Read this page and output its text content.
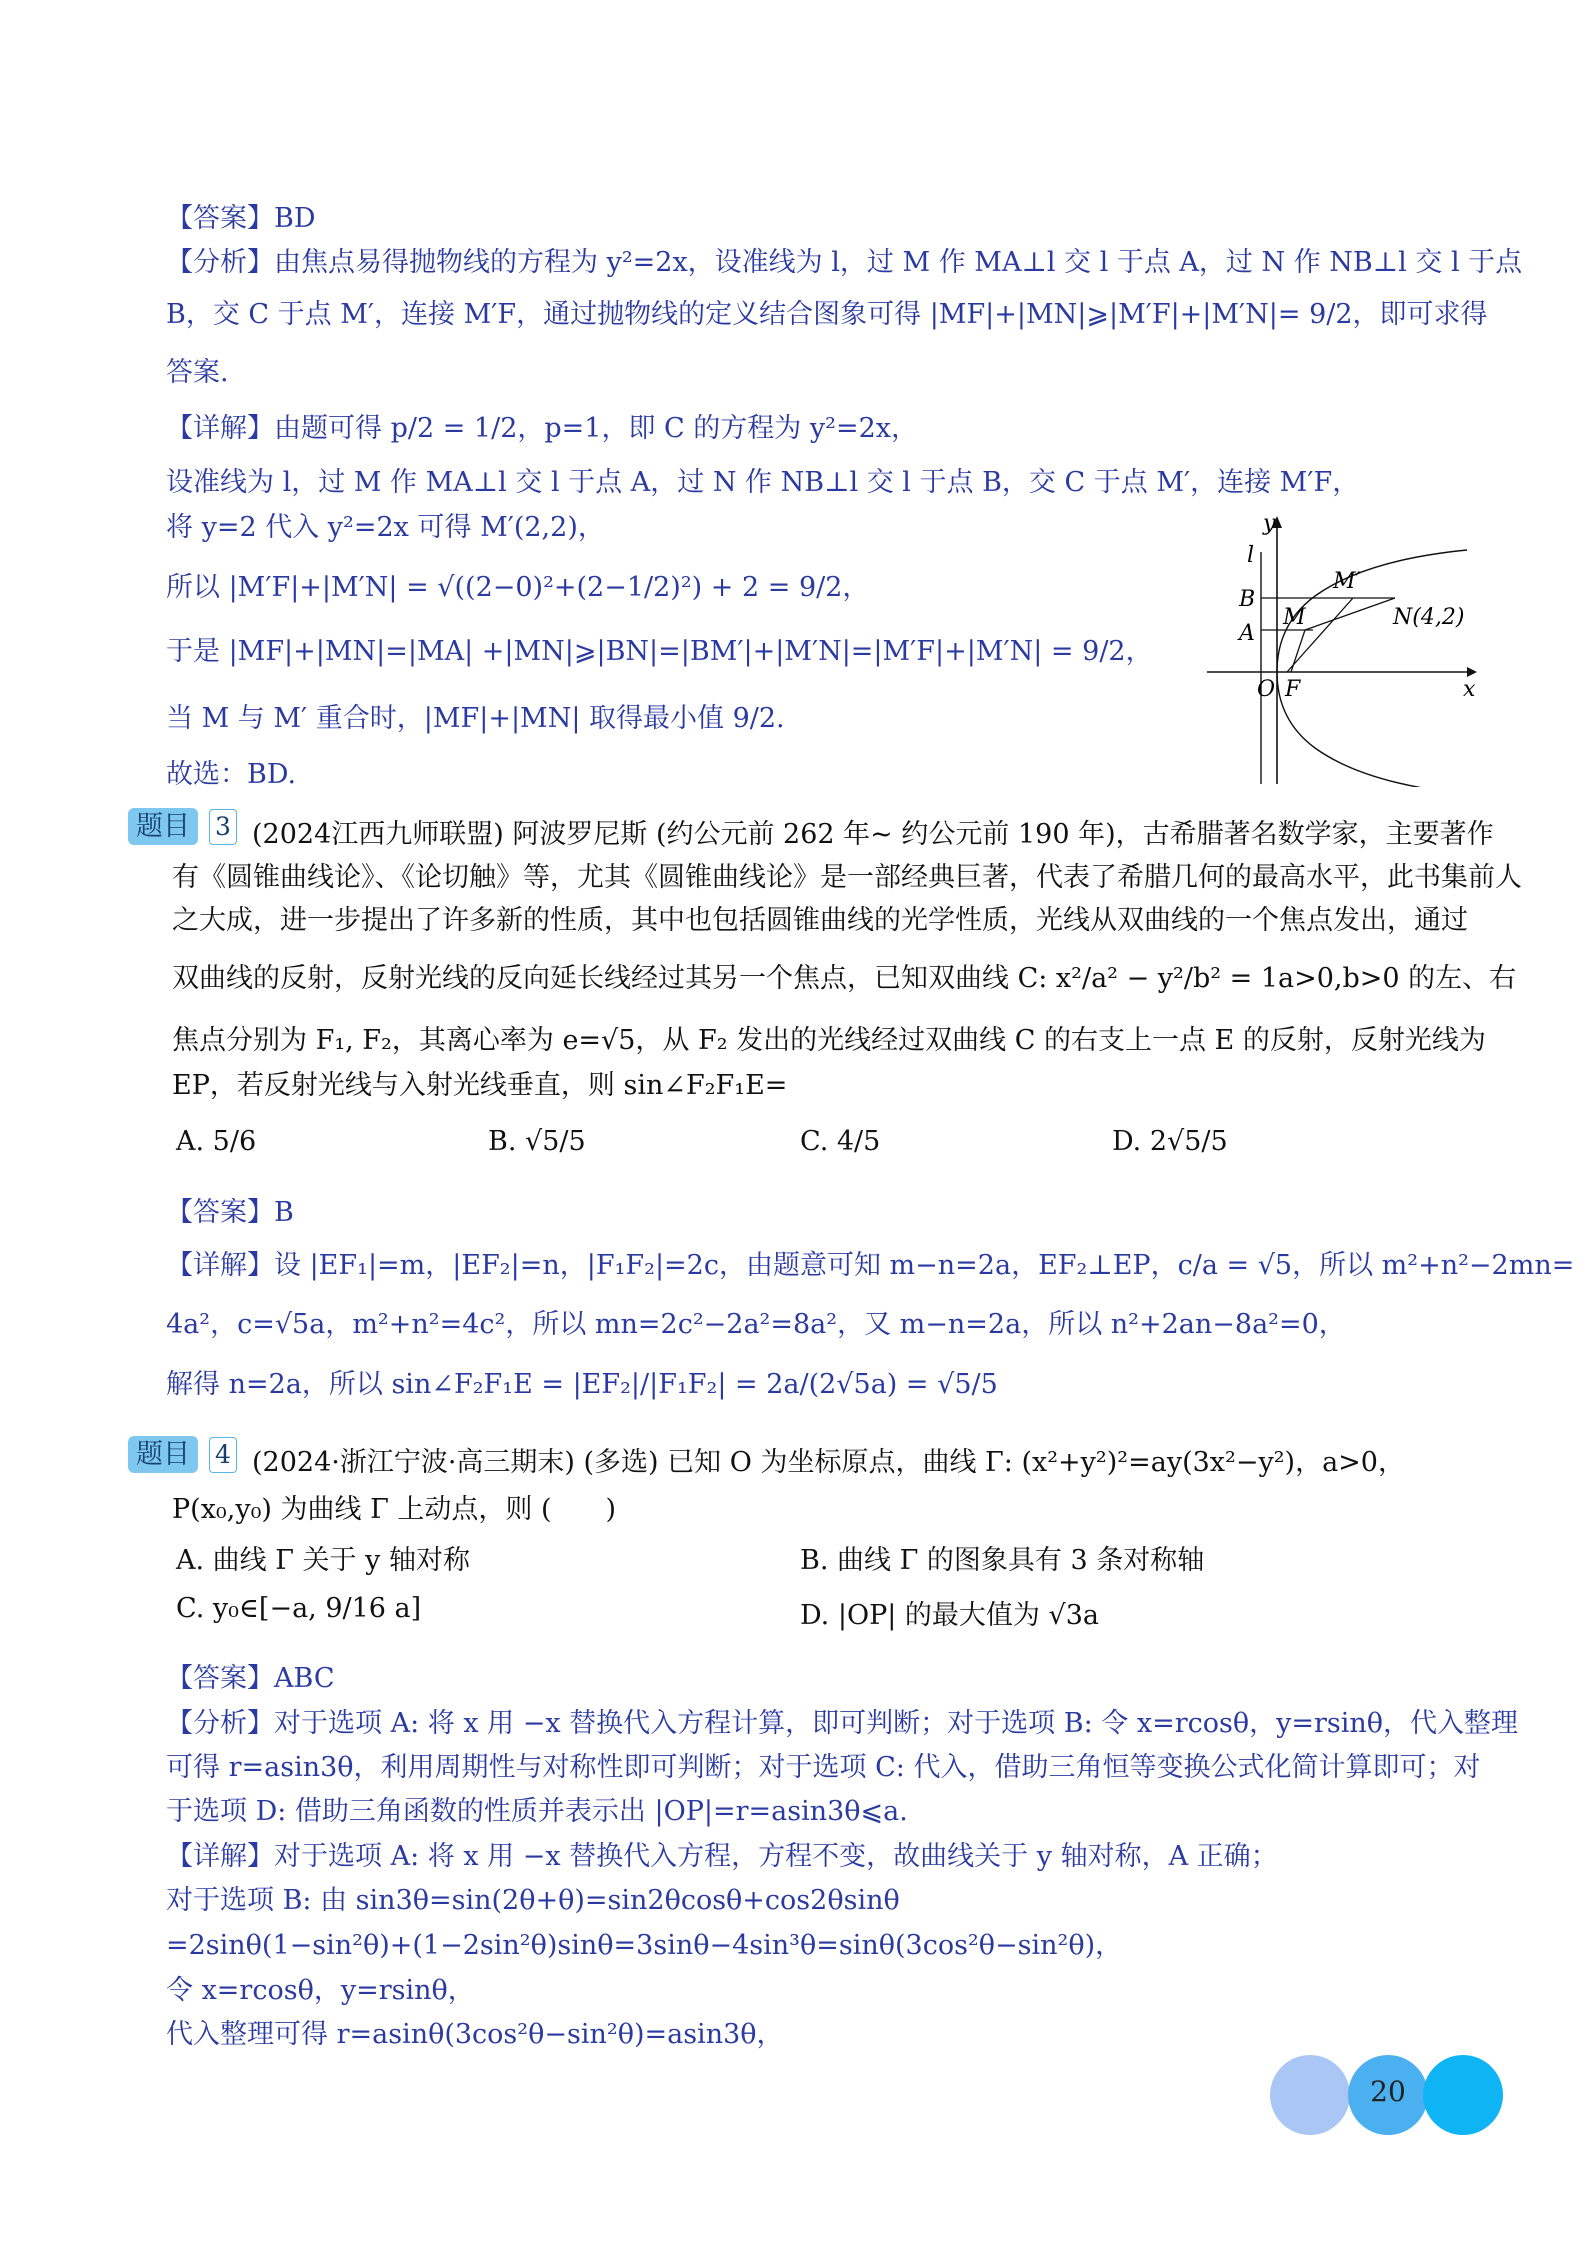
【答案】BD
【分析】由焦点易得抛物线的方程为 y²=2x，设准线为 l，过 M 作 MA⊥l 交 l 于点 A，过 N 作 NB⊥l 交 l 于点
B，交 C 于点 M′，连接 M′F，通过抛物线的定义结合图象可得 |MF|+|MN|⩾|M′F|+|M′N|= 9/2，即可求得
答案.
【详解】由题可得 p/2 = 1/2，p=1，即 C 的方程为 y²=2x，
设准线为 l，过 M 作 MA⊥l 交 l 于点 A，过 N 作 NB⊥l 交 l 于点 B，交 C 于点 M′，连接 M′F，
将 y=2 代入 y²=2x 可得 M′(2,2)，
所以 |M′F|+|M′N| = √((2−0)²+(2−1/2)²) + 2 = 9/2，
于是 |MF|+|MN|=|MA| +|MN|⩾|BN|=|BM′|+|M′N|=|M′F|+|M′N| = 9/2，
当 M 与 M′ 重合时，|MF|+|MN| 取得最小值 9/2.
故选：BD.
y
l
B
A
M
M′
N(4,2)
O F	x
题目	3 (2024江西九师联盟) 阿波罗尼斯 (约公元前 262 年~ 约公元前 190 年)，古希腊著名数学家，主要著作
有《圆锥曲线论》、《论切触》等，尤其《圆锥曲线论》是一部经典巨著，代表了希腊几何的最高水平，此书集前人
之大成，进一步提出了许多新的性质，其中也包括圆锥曲线的光学性质，光线从双曲线的一个焦点发出，通过
双曲线的反射，反射光线的反向延长线经过其另一个焦点，已知双曲线 C: x²/a² − y²/b² = 1a>0,b>0 的左、右
焦点分别为 F₁, F₂，其离心率为 e=√5，从 F₂ 发出的光线经过双曲线 C 的右支上一点 E 的反射，反射光线为
EP，若反射光线与入射光线垂直，则 sin∠F₂F₁E=
A. 5/6	B. √5/5	C. 4/5	D. 2√5/5
【答案】B
【详解】设 |EF₁|=m，|EF₂|=n，|F₁F₂|=2c，由题意可知 m−n=2a，EF₂⊥EP，c/a = √5，所以 m²+n²−2mn=
4a²，c=√5a，m²+n²=4c²，所以 mn=2c²−2a²=8a²，又 m−n=2a，所以 n²+2an−8a²=0，
解得 n=2a，所以 sin∠F₂F₁E = |EF₂|/|F₁F₂| = 2a/(2√5a) = √5/5
题目	4 (2024·浙江宁波·高三期末) (多选) 已知 O 为坐标原点，曲线 Γ: (x²+y²)²=ay(3x²−y²)，a>0，
P(x₀,y₀) 为曲线 Γ 上动点，则 (　　)
A. 曲线 Γ 关于 y 轴对称	B. 曲线 Γ 的图象具有 3 条对称轴
C. y₀∈[−a, 9/16 a]	D. |OP| 的最大值为 √3a
【答案】ABC
【分析】对于选项 A: 将 x 用 −x 替换代入方程计算，即可判断；对于选项 B: 令 x=rcosθ，y=rsinθ，代入整理
可得 r=asin3θ，利用周期性与对称性即可判断；对于选项 C: 代入，借助三角恒等变换公式化简计算即可；对
于选项 D: 借助三角函数的性质并表示出 |OP|=r=asin3θ⩽a.
【详解】对于选项 A: 将 x 用 −x 替换代入方程，方程不变，故曲线关于 y 轴对称，A 正确；
对于选项 B: 由 sin3θ=sin(2θ+θ)=sin2θcosθ+cos2θsinθ
=2sinθ(1−sin²θ)+(1−2sin²θ)sinθ=3sinθ−4sin³θ=sinθ(3cos²θ−sin²θ)，
令 x=rcosθ，y=rsinθ，
代入整理可得 r=asinθ(3cos²θ−sin²θ)=asin3θ，
20
